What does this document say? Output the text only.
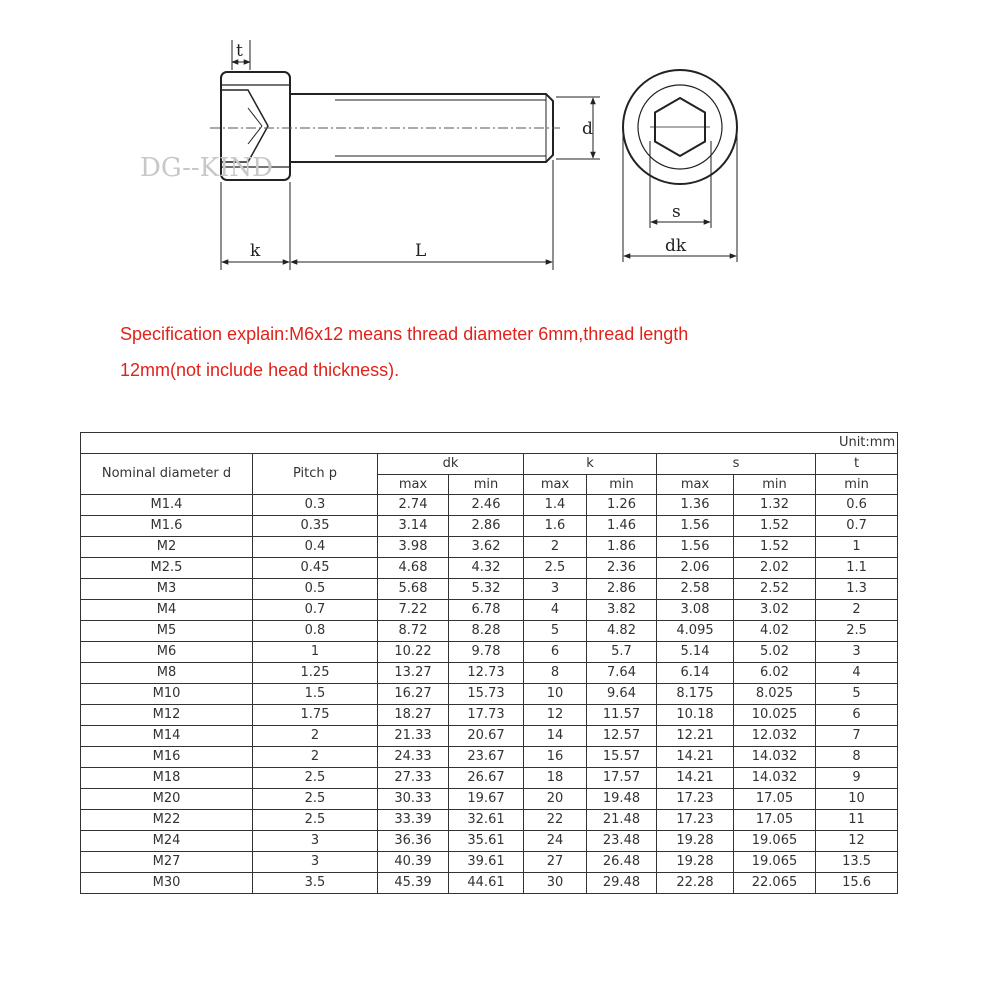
DG--KIND
t
d
k	L
s
dk
Specification explain:M6x12 means thread diameter 6mm,thread length
12mm(not include head thickness).
Unit:mm								
Nominal diameter d	Pitch p	dk		k		s		t
		max	min	max	min	max	min	min
M1.4	0.3	2.74	2.46	1.4	1.26	1.36	1.32	0.6
M1.6	0.35	3.14	2.86	1.6	1.46	1.56	1.52	0.7
M2	0.4	3.98	3.62	2	1.86	1.56	1.52	1
M2.5	0.45	4.68	4.32	2.5	2.36	2.06	2.02	1.1
M3	0.5	5.68	5.32	3	2.86	2.58	2.52	1.3
M4	0.7	7.22	6.78	4	3.82	3.08	3.02	2
M5	0.8	8.72	8.28	5	4.82	4.095	4.02	2.5
M6	1	10.22	9.78	6	5.7	5.14	5.02	3
M8	1.25	13.27	12.73	8	7.64	6.14	6.02	4
M10	1.5	16.27	15.73	10	9.64	8.175	8.025	5
M12	1.75	18.27	17.73	12	11.57	10.18	10.025	6
M14	2	21.33	20.67	14	12.57	12.21	12.032	7
M16	2	24.33	23.67	16	15.57	14.21	14.032	8
M18	2.5	27.33	26.67	18	17.57	14.21	14.032	9
M20	2.5	30.33	19.67	20	19.48	17.23	17.05	10
M22	2.5	33.39	32.61	22	21.48	17.23	17.05	11
M24	3	36.36	35.61	24	23.48	19.28	19.065	12
M27	3	40.39	39.61	27	26.48	19.28	19.065	13.5
M30	3.5	45.39	44.61	30	29.48	22.28	22.065	15.6
